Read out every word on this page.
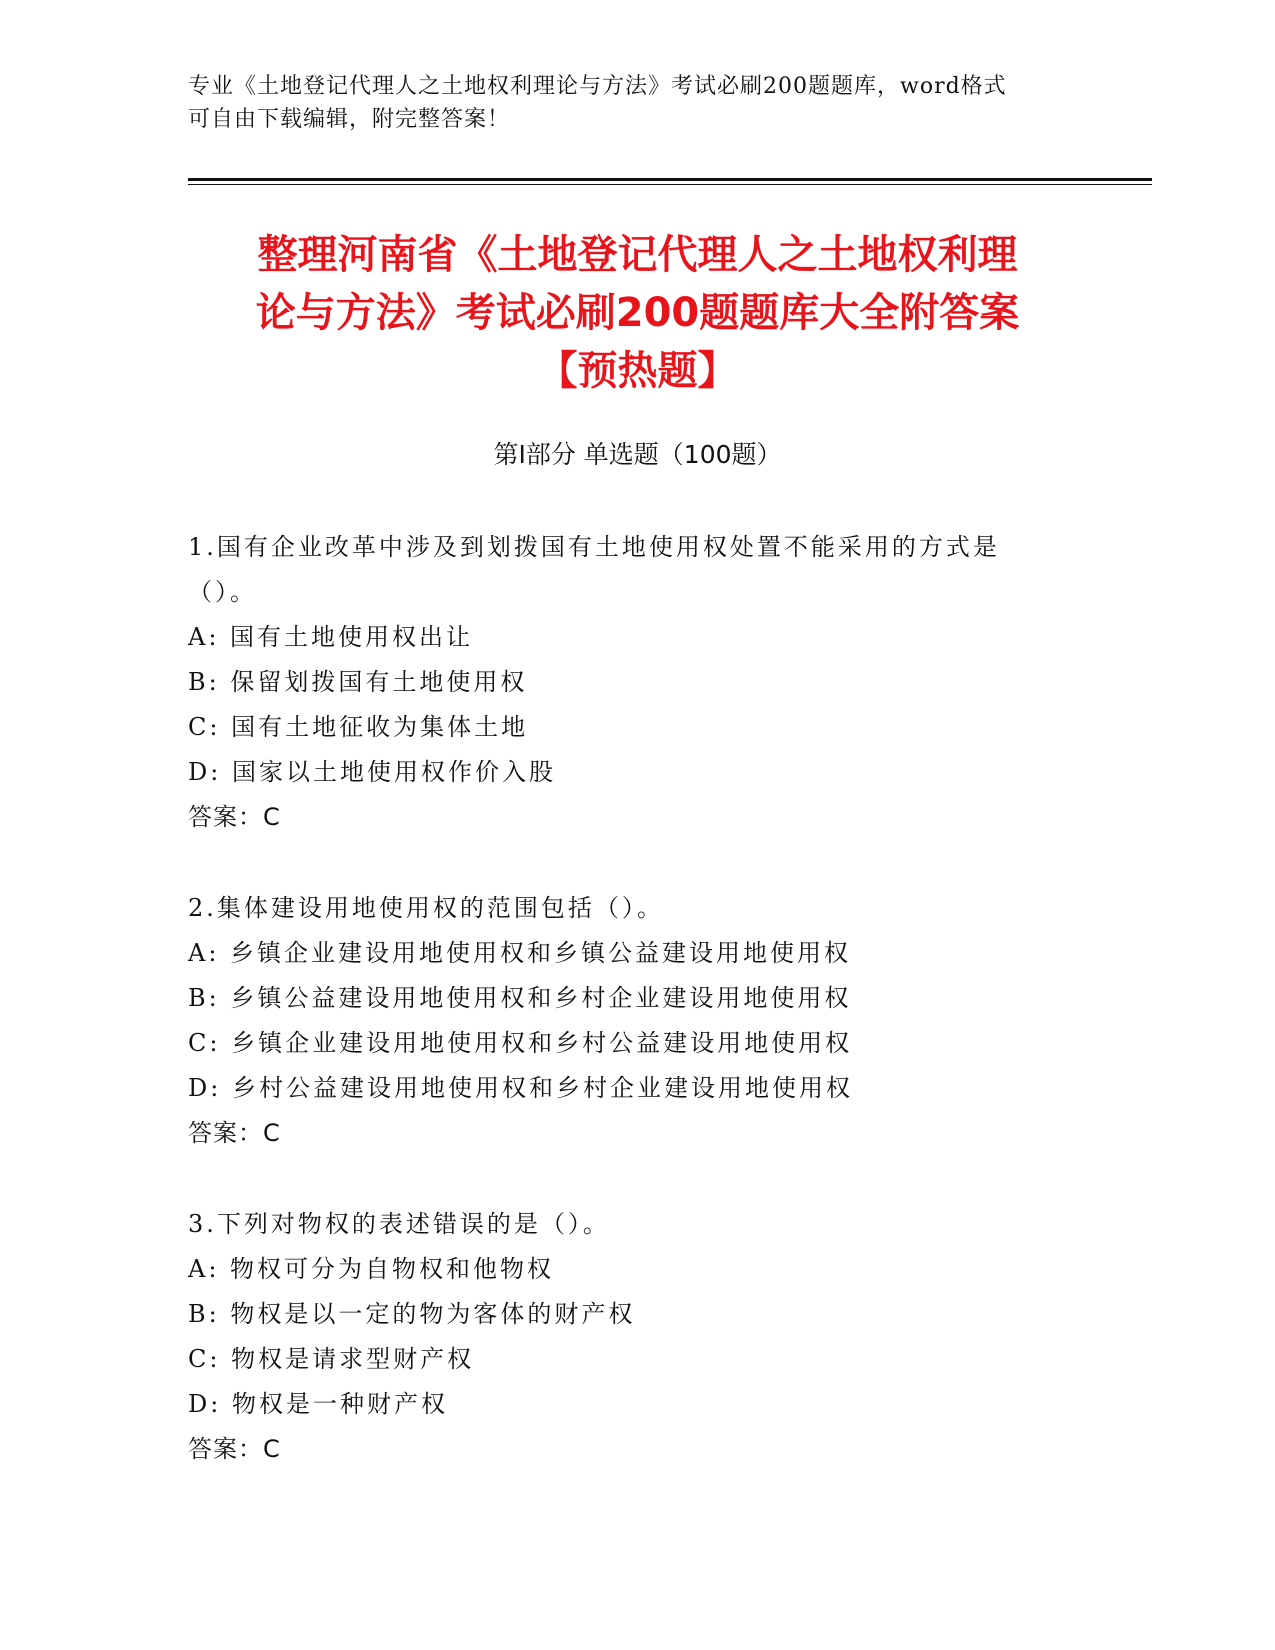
专业《土地登记代理人之土地权利理论与方法》考试必刷200题题库，word格式
可自由下载编辑，附完整答案！
整理河南省《土地登记代理人之土地权利理
论与方法》考试必刷200题题库大全附答案
【预热题】
第I部分 单选题（100题）
1.国有企业改革中涉及到划拨国有土地使用权处置不能采用的方式是
（）。
A: 国有土地使用权出让
B: 保留划拨国有土地使用权
C: 国有土地征收为集体土地
D: 国家以土地使用权作价入股
答案：C
2.集体建设用地使用权的范围包括（）。
A: 乡镇企业建设用地使用权和乡镇公益建设用地使用权
B: 乡镇公益建设用地使用权和乡村企业建设用地使用权
C: 乡镇企业建设用地使用权和乡村公益建设用地使用权
D: 乡村公益建设用地使用权和乡村企业建设用地使用权
答案：C
3.下列对物权的表述错误的是（）。
A: 物权可分为自物权和他物权
B: 物权是以一定的物为客体的财产权
C: 物权是请求型财产权
D: 物权是一种财产权
答案：C
